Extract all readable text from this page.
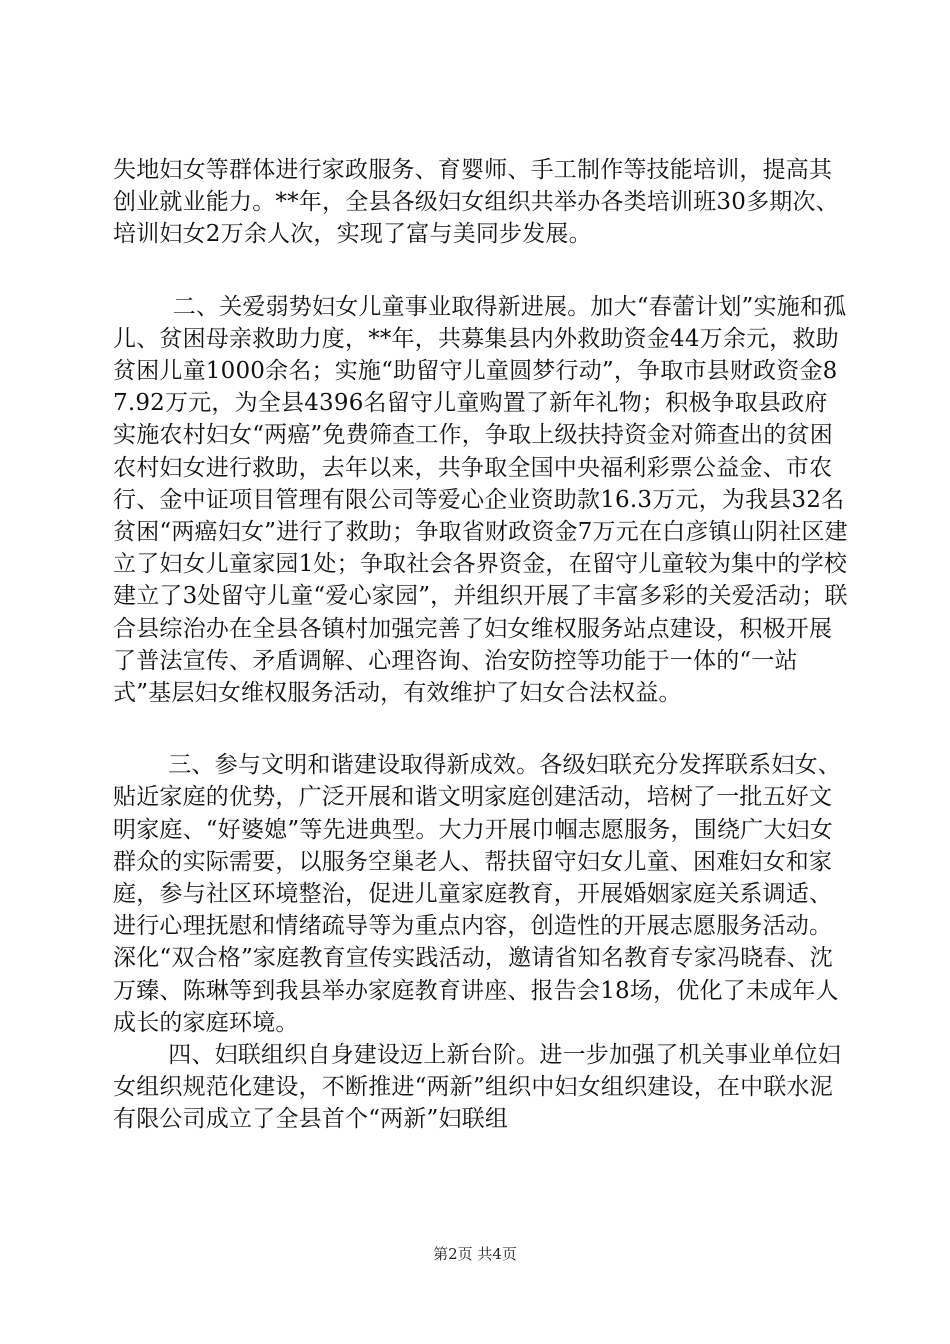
失地妇女等群体进行家政服务、育婴师、手工制作等技能培训，提高其创业就业能力。**年，全县各级妇女组织共举办各类培训班30多期次、培训妇女2万余人次，实现了富与美同步发展。

二、关爱弱势妇女儿童事业取得新进展。加大“春蕾计划”实施和孤儿、贫困母亲救助力度，**年，共募集县内外救助资金44万余元，救助贫困儿童1000余名；实施“助留守儿童圆梦行动”，争取市县财政资金87.92万元，为全县4396名留守儿童购置了新年礼物；积极争取县政府实施农村妇女“两癌”免费筛查工作，争取上级扶持资金对筛查出的贫困农村妇女进行救助，去年以来，共争取全国中央福利彩票公益金、市农行、金中证项目管理有限公司等爱心企业资助款16.3万元，为我县32名贫困“两癌妇女”进行了救助；争取省财政资金7万元在白彦镇山阴社区建立了妇女儿童家园1处；争取社会各界资金，在留守儿童较为集中的学校建立了3处留守儿童“爱心家园”，并组织开展了丰富多彩的关爱活动；联合县综治办在全县各镇村加强完善了妇女维权服务站点建设，积极开展了普法宣传、矛盾调解、心理咨询、治安防控等功能于一体的“一站式”基层妇女维权服务活动，有效维护了妇女合法权益。

三、参与文明和谐建设取得新成效。各级妇联充分发挥联系妇女、贴近家庭的优势，广泛开展和谐文明家庭创建活动，培树了一批五好文明家庭、“好婆媳”等先进典型。大力开展巾帼志愿服务，围绕广大妇女群众的实际需要，以服务空巢老人、帮扶留守妇女儿童、困难妇女和家庭，参与社区环境整治，促进儿童家庭教育，开展婚姻家庭关系调适、进行心理抚慰和情绪疏导等为重点内容，创造性的开展志愿服务活动。深化“双合格”家庭教育宣传实践活动，邀请省知名教育专家冯晓春、沈万臻、陈琳等到我县举办家庭教育讲座、报告会18场，优化了未成年人成长的家庭环境。

四、妇联组织自身建设迈上新台阶。进一步加强了机关事业单位妇女组织规范化建设，不断推进“两新”组织中妇女组织建设，在中联水泥有限公司成立了全县首个“两新”妇联组

第2页 共4页
